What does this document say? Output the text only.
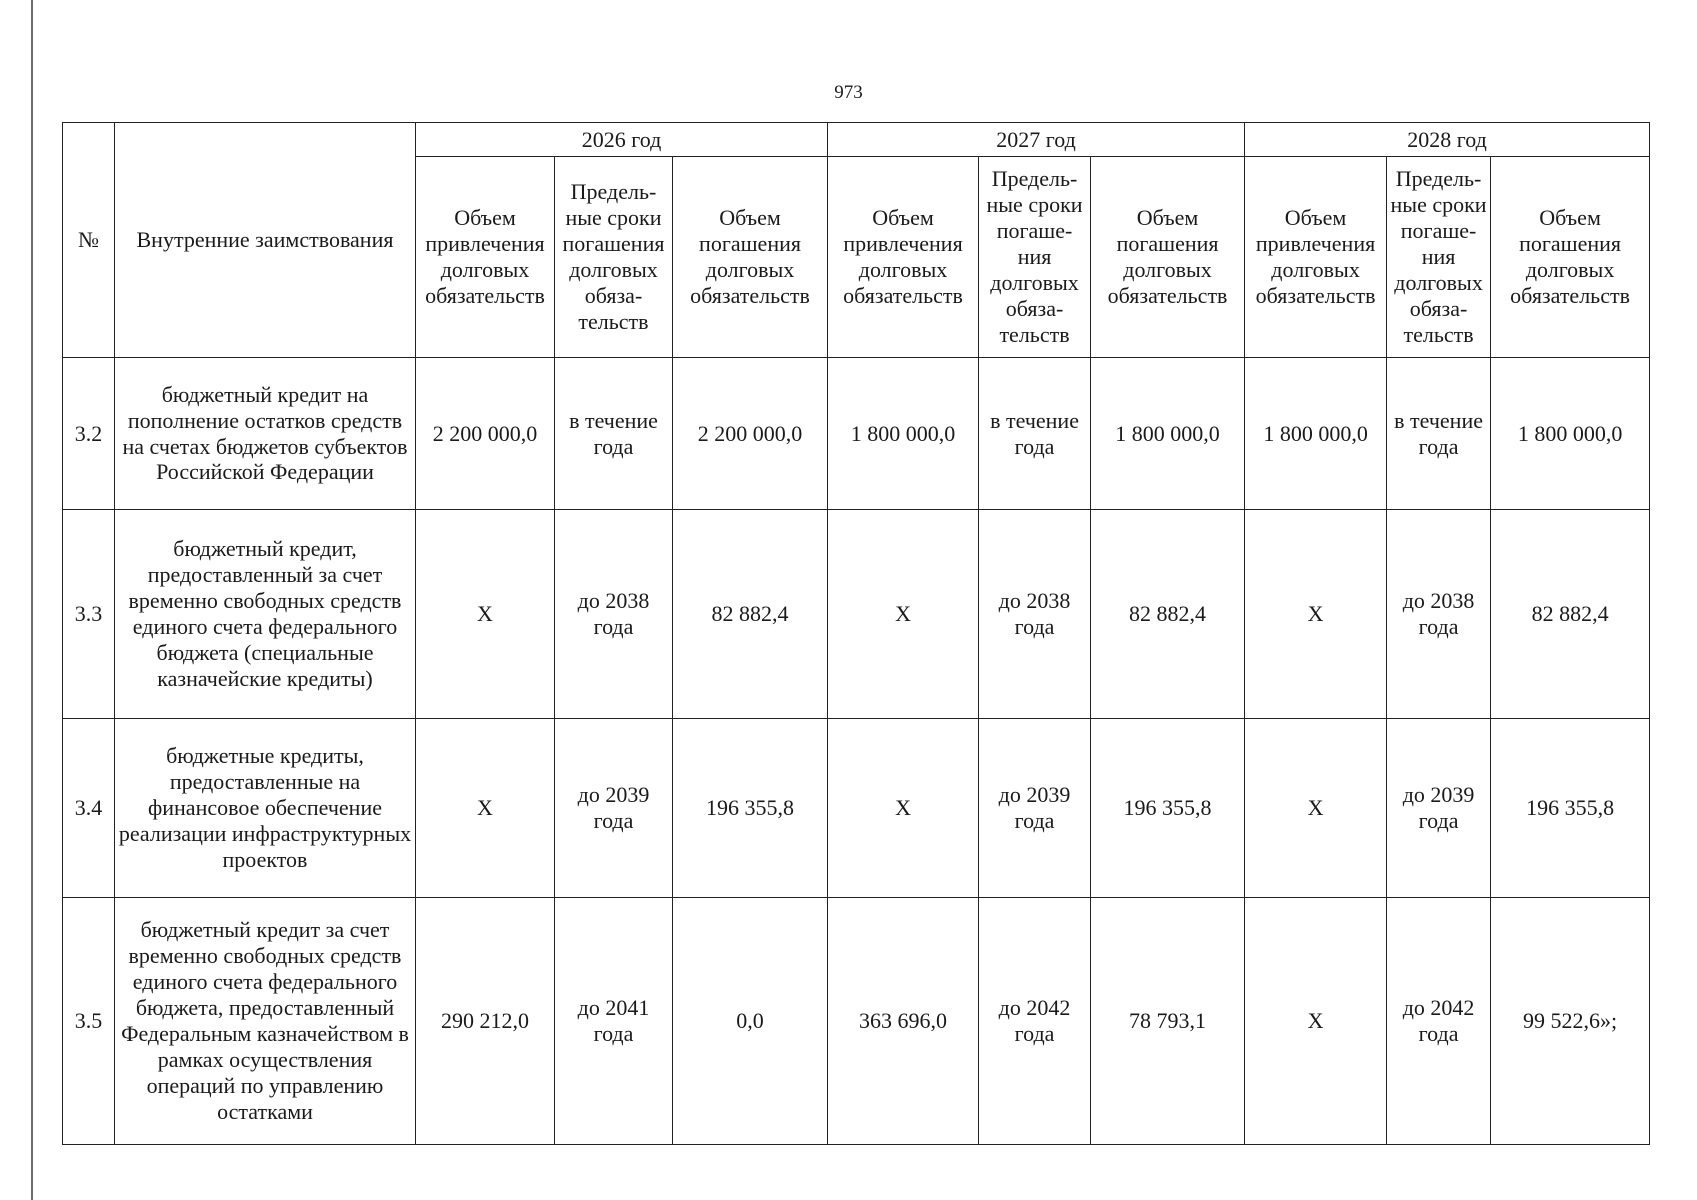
973
№	Внутренние заимствования	2026 год			2027 год			2028 год		
		Объем привлечения долговых обязательств	Предель-ные сроки погашения долговых обяза-тельств	Объем погашения долговых обязательств	Объем привлечения долговых обязательств	Предель-ные сроки погаше-ния долговых обяза-тельств	Объем погашения долговых обязательств	Объем привлечения долговых обязательств	Предель-ные сроки погаше-ния долговых обяза-тельств	Объем погашения долговых обязательств
3.2	бюджетный кредит на пополнение остатков средств на счетах бюджетов субъектов Российской Федерации	2 200 000,0	в течение года	2 200 000,0	1 800 000,0	в течение года	1 800 000,0	1 800 000,0	в течение года	1 800 000,0
3.3	бюджетный кредит, предоставленный за счет временно свободных средств единого счета федерального бюджета (специальные казначейские кредиты)	Х	до 2038 года	82 882,4	Х	до 2038 года	82 882,4	Х	до 2038 года	82 882,4
3.4	бюджетные кредиты, предоставленные на финансовое обеспечение реализации инфраструктурных проектов	Х	до 2039 года	196 355,8	Х	до 2039 года	196 355,8	Х	до 2039 года	196 355,8
3.5	бюджетный кредит за счет временно свободных средств единого счета федерального бюджета, предоставленный Федеральным казначейством в рамках осуществления операций по управлению остатками	290 212,0	до 2041 года	0,0	363 696,0	до 2042 года	78 793,1	Х	до 2042 года	99 522,6»;
